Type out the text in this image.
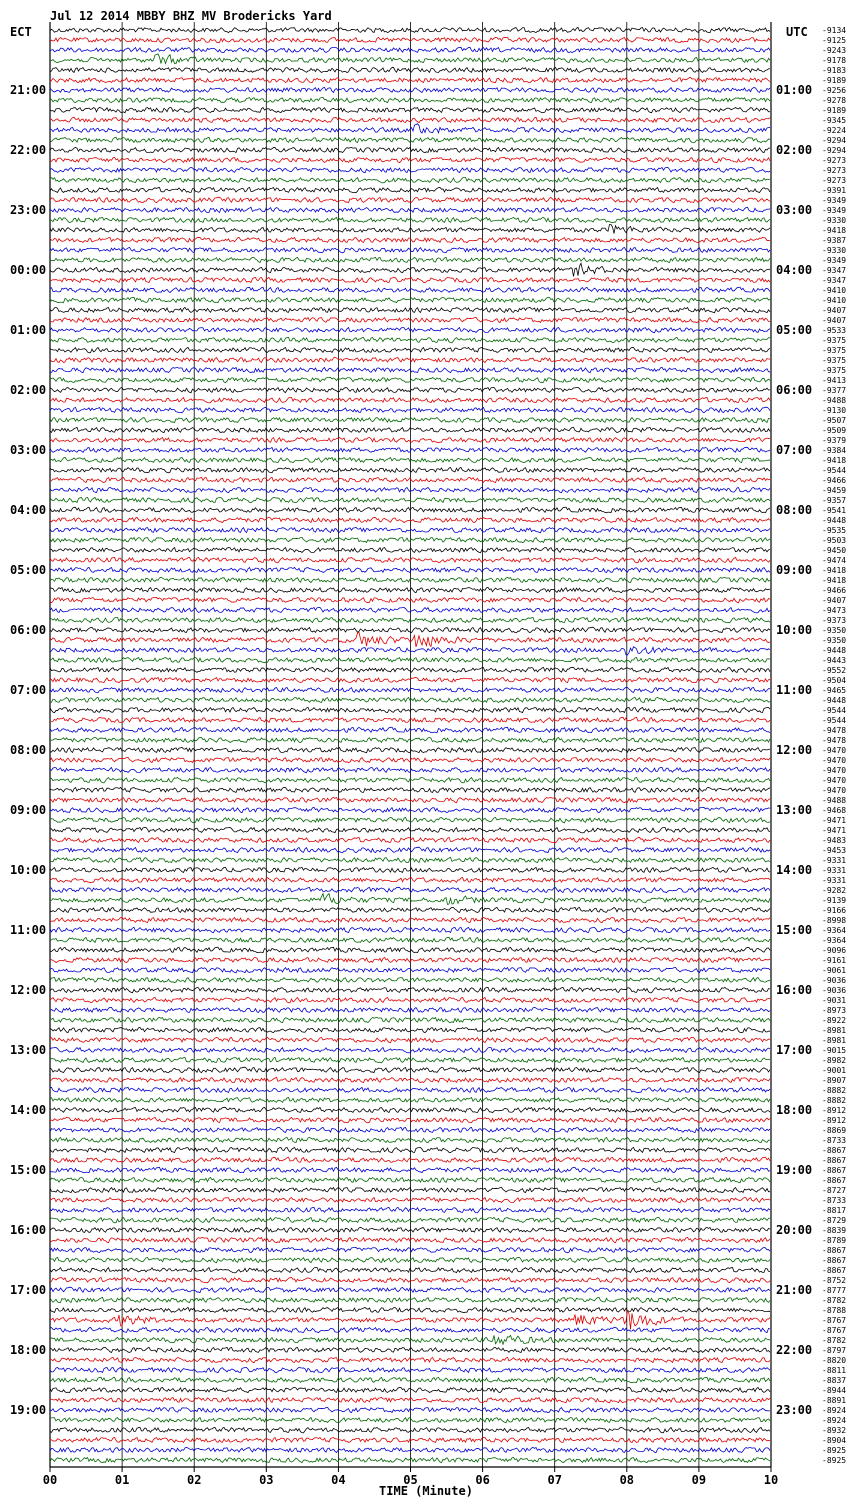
Jul 12 2014 MBBY BHZ MV Brodericks Yard
ECT	UTC
21:00
22:00
23:00
00:00
01:00
02:00
03:00
04:00
05:00
06:00
07:00
08:00
09:00
10:00
11:00
12:00
13:00
14:00
15:00
16:00
17:00
18:00
19:00
01:00
02:00
03:00
04:00
05:00
06:00
07:00
08:00
09:00
10:00
11:00
12:00
13:00
14:00
15:00
16:00
17:00
18:00
19:00
20:00
21:00
22:00
23:00
-9134
-9125
-9243
-9178
-9183
-9189
-9256
-9278
-9189
-9345
-9224
-9294
-9294
-9273
-9273
-9273
-9391
-9349
-9349
-9330
-9418
-9387
-9330
-9349
-9347
-9347
-9410
-9410
-9407
-9407
-9533
-9375
-9375
-9375
-9375
-9413
-9377
-9488
-9130
-9507
-9509
-9379
-9384
-9418
-9544
-9466
-9459
-9357
-9541
-9448
-9535
-9503
-9450
-9474
-9418
-9418
-9466
-9407
-9473
-9373
-9350
-9350
-9448
-9443
-9552
-9504
-9465
-9448
-9544
-9544
-9478
-9478
-9470
-9470
-9470
-9470
-9470
-9488
-9468
-9471
-9471
-9483
-9453
-9331
-9331
-9331
-9282
-9139
-9166
-8998
-9364
-9364
-9096
-9161
-9061
-9036
-9036
-9031
-8973
-8922
-8981
-8981
-9015
-8982
-9001
-8907
-8882
-8882
-8912
-8912
-8869
-8733
-8867
-8867
-8867
-8867
-8727
-8733
-8817
-8729
-8839
-8789
-8867
-8867
-8867
-8752
-8777
-8782
-8788
-8767
-8767
-8782
-8797
-8820
-8811
-8837
-8944
-8891
-8924
-8924
-8932
-8904
-8925
-8925
00	01	02	03	04	05	06	07	08	09	10
TIME (Minute)
